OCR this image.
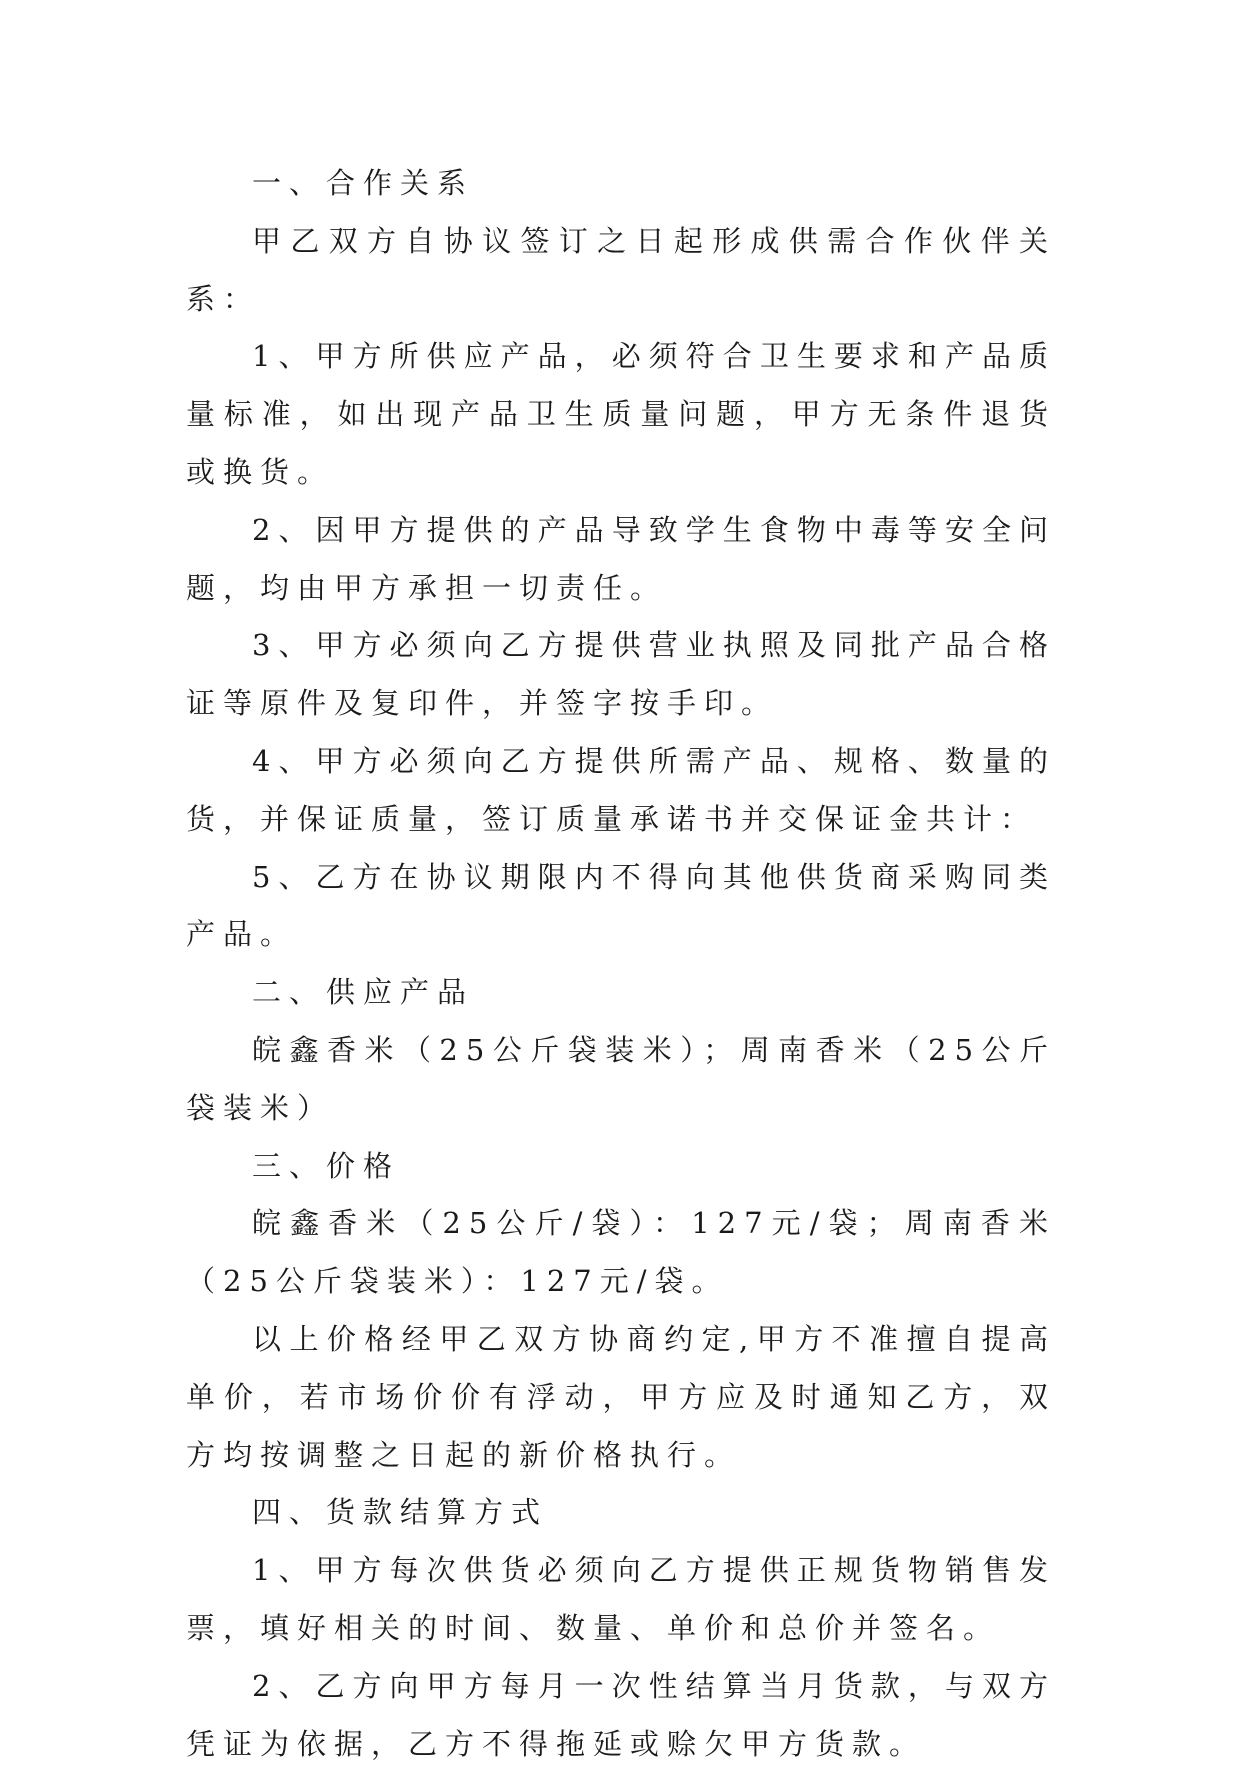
一、合作关系

甲乙双方自协议签订之日起形成供需合作伙伴关系：

1、甲方所供应产品，必须符合卫生要求和产品质量标准，如出现产品卫生质量问题，甲方无条件退货或换货。

2、因甲方提供的产品导致学生食物中毒等安全问题，均由甲方承担一切责任。

3、甲方必须向乙方提供营业执照及同批产品合格证等原件及复印件，并签字按手印。

4、甲方必须向乙方提供所需产品、规格、数量的货，并保证质量，签订质量承诺书并交保证金共计：

5、乙方在协议期限内不得向其他供货商采购同类产品。

二、供应产品

皖鑫香米（25公斤袋装米）；周南香米（25公斤袋装米）

三、价格

皖鑫香米（25公斤/袋）：127元/袋；周南香米（25公斤袋装米）：127元/袋。

以上价格经甲乙双方协商约定,甲方不准擅自提高单价，若市场价价有浮动，甲方应及时通知乙方，双方均按调整之日起的新价格执行。

四、货款结算方式

1、甲方每次供货必须向乙方提供正规货物销售发票，填好相关的时间、数量、单价和总价并签名。

2、乙方向甲方每月一次性结算当月货款，与双方凭证为依据，乙方不得拖延或赊欠甲方货款。
